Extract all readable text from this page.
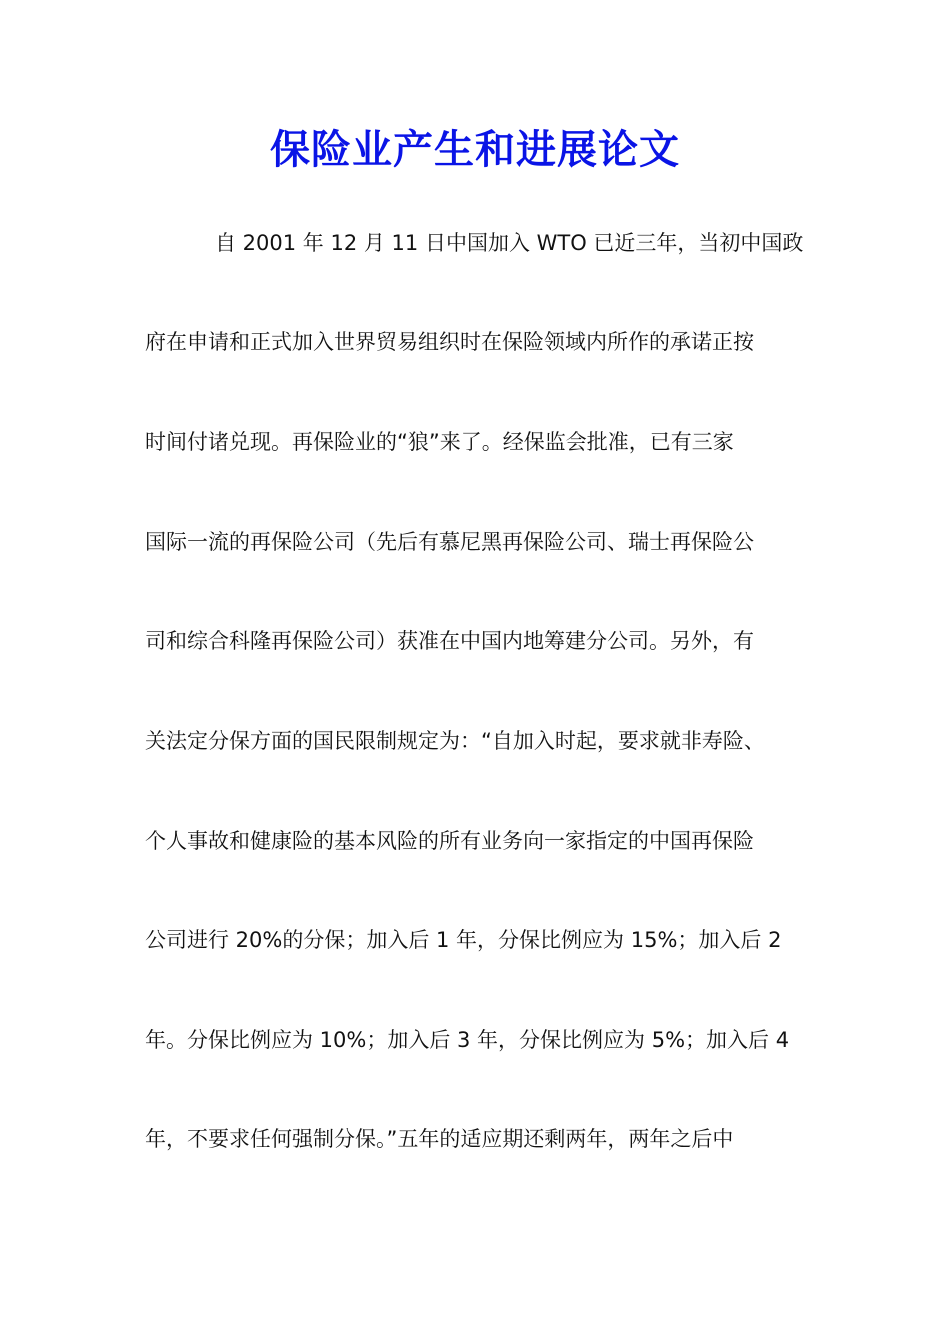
保险业产生和进展论文
自 2001 年 12 月 11 日中国加入 WTO 已近三年，当初中国政
府在申请和正式加入世界贸易组织时在保险领域内所作的承诺正按
时间付诸兑现。再保险业的“狼”来了。经保监会批准，已有三家
国际一流的再保险公司（先后有慕尼黑再保险公司、瑞士再保险公
司和综合科隆再保险公司）获准在中国内地筹建分公司。另外，有
关法定分保方面的国民限制规定为：“自加入时起，要求就非寿险、
个人事故和健康险的基本风险的所有业务向一家指定的中国再保险
公司进行 20%的分保；加入后 1 年，分保比例应为 15%；加入后 2
年。分保比例应为 10%；加入后 3 年，分保比例应为 5%；加入后 4
年，不要求任何强制分保。”五年的适应期还剩两年，两年之后中
